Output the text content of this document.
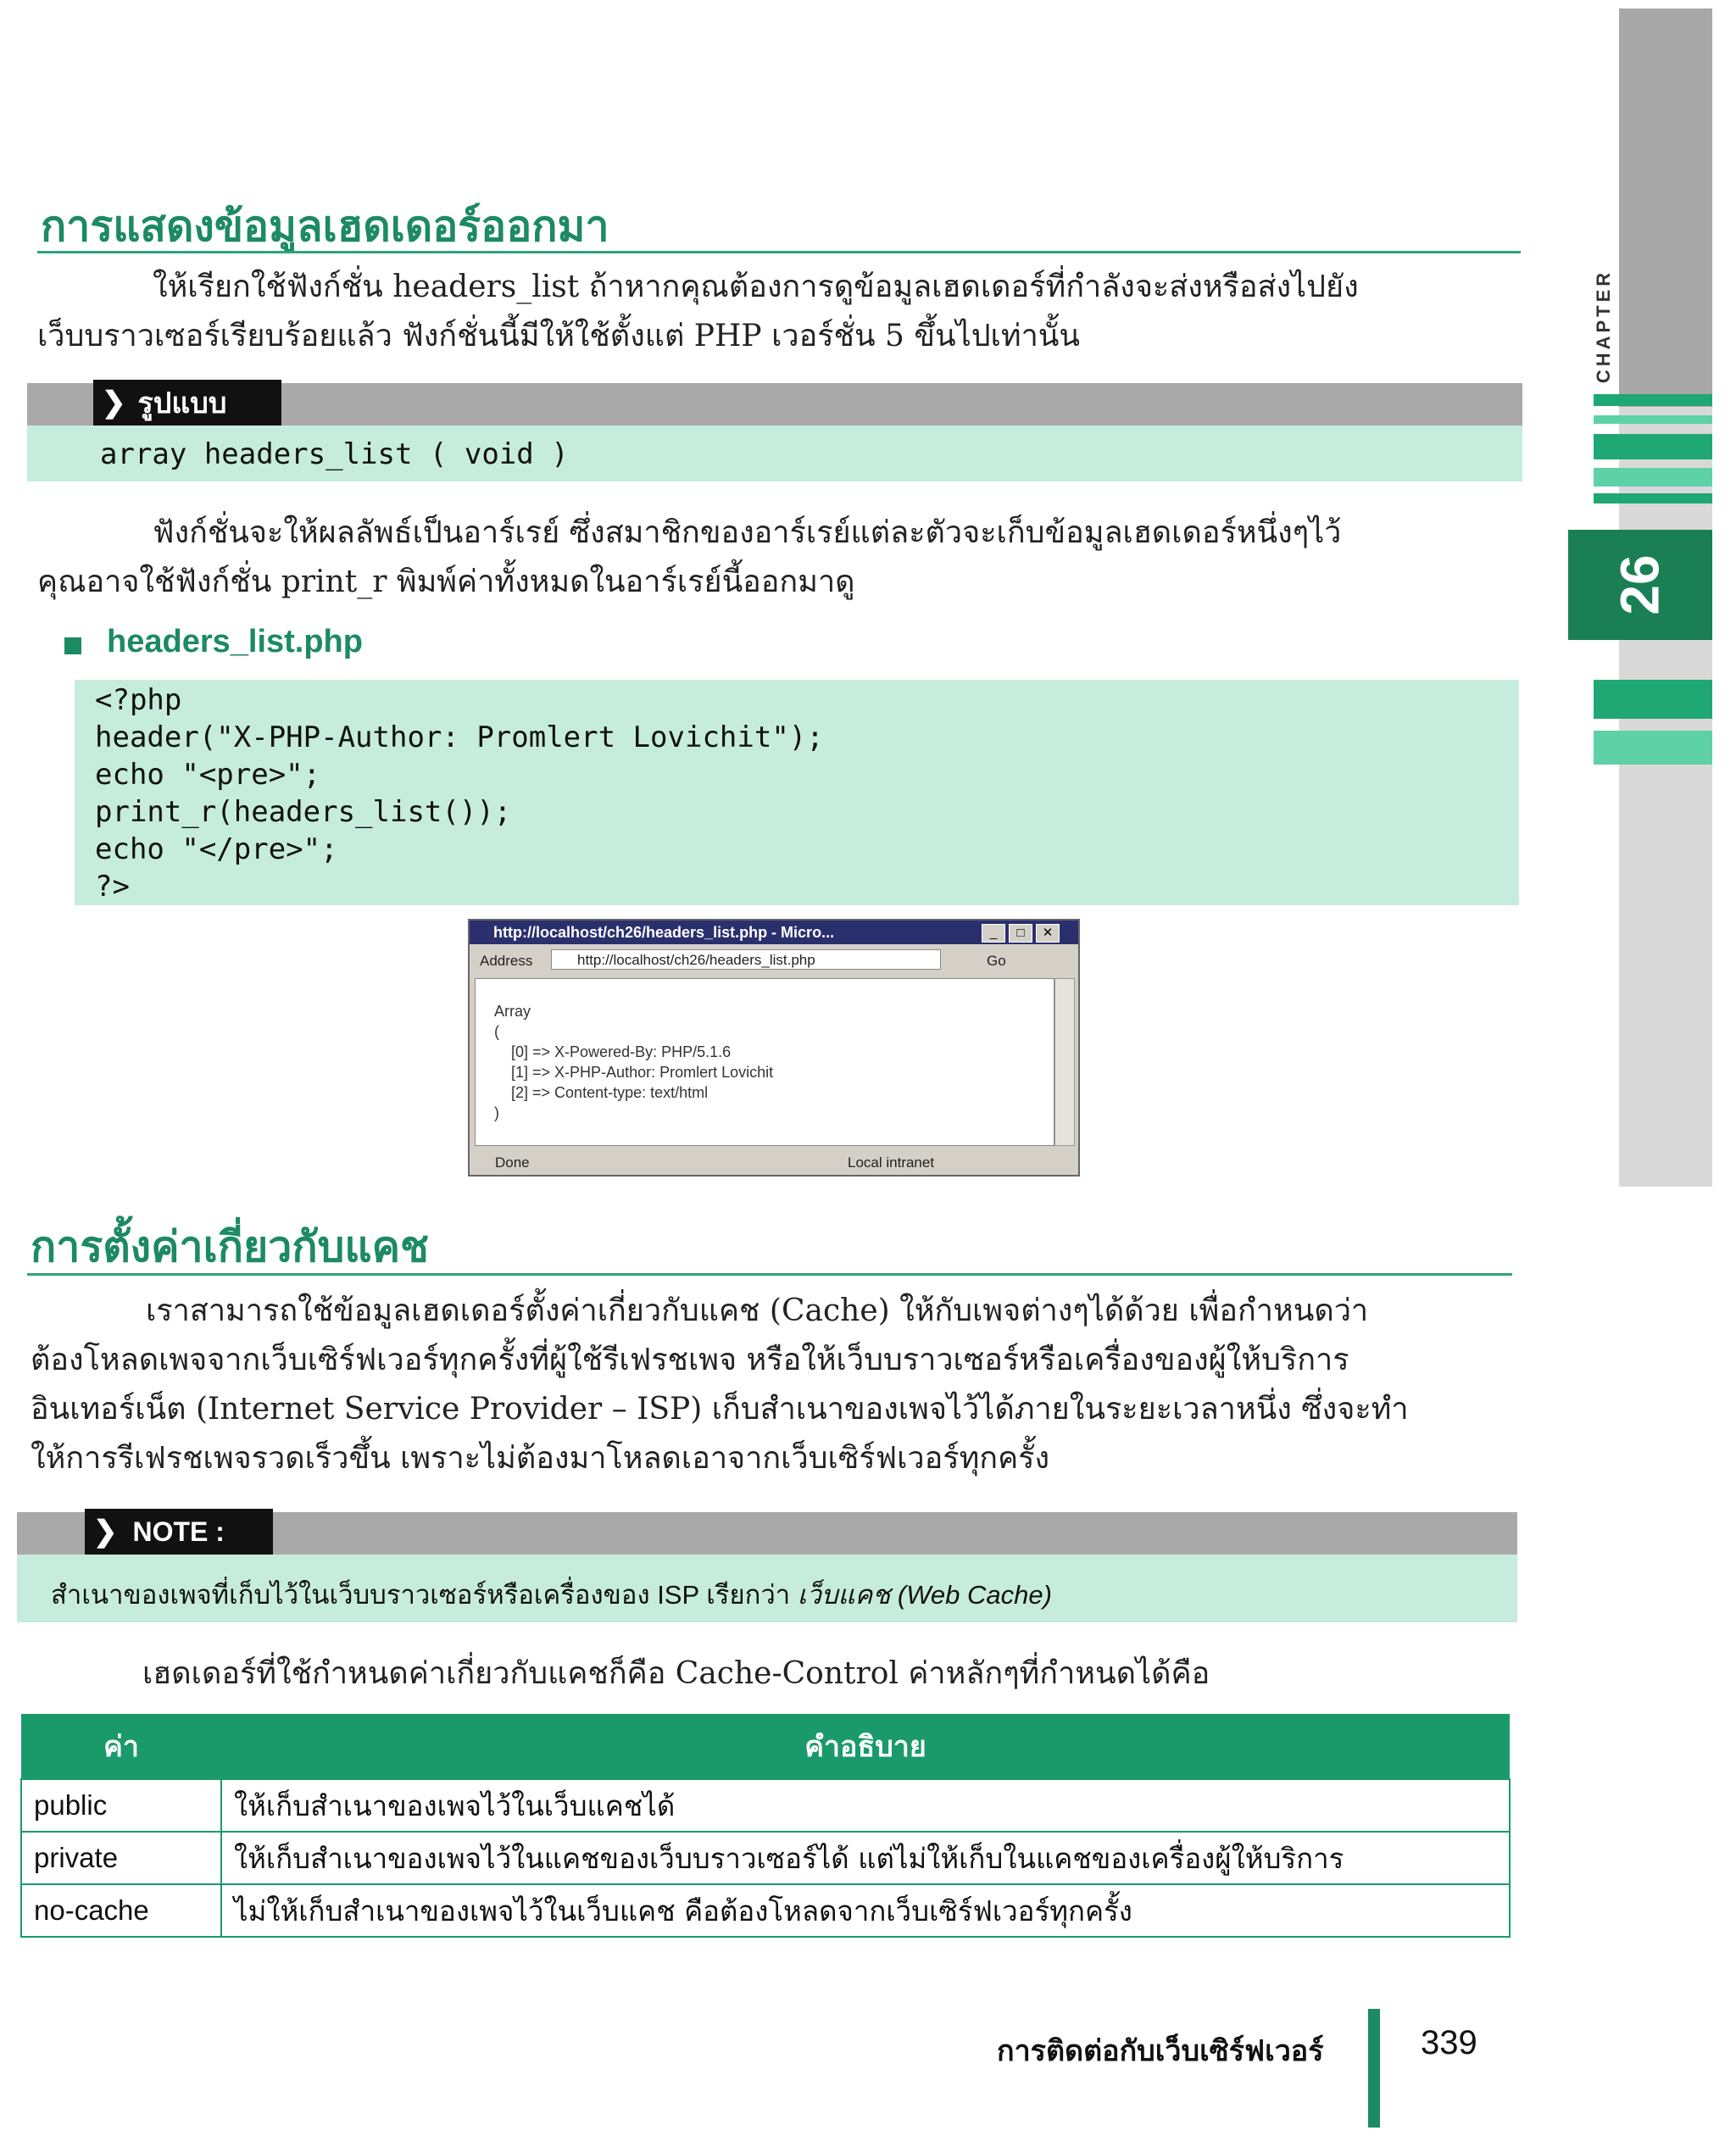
CHAPTER
26
การแสดงข้อมูลเฮดเดอร์ออกมา

ให้เรียกใช้ฟังก์ชั่น headers_list ถ้าหากคุณต้องการดูข้อมูลเฮดเดอร์ที่กำลังจะส่งหรือส่งไปยัง

เว็บบราวเซอร์เรียบร้อยแล้ว ฟังก์ชั่นนี้มีให้ใช้ตั้งแต่ PHP เวอร์ชั่น 5 ขึ้นไปเท่านั้น

❯ รูปแบบ
array headers_list ( void )

ฟังก์ชั่นจะให้ผลลัพธ์เป็นอาร์เรย์ ซึ่งสมาชิกของอาร์เรย์แต่ละตัวจะเก็บข้อมูลเฮดเดอร์หนึ่งๆไว้

คุณอาจใช้ฟังก์ชั่น print_r พิมพ์ค่าทั้งหมดในอาร์เรย์นี้ออกมาดู

headers_list.php
<?php
header("X-PHP-Author: Promlert Lovichit");
echo "<pre>";
print_r(headers_list());
echo "</pre>";
?>
http://localhost/ch26/headers_list.php - Micro...	_	□	✕
Address	http://localhost/ch26/headers_list.php	Go
Array
(
[0] => X-Powered-By: PHP/5.1.6
[1] => X-PHP-Author: Promlert Lovichit
[2] => Content-type: text/html
)
Done	Local intranet
การตั้งค่าเกี่ยวกับแคช

เราสามารถใช้ข้อมูลเฮดเดอร์ตั้งค่าเกี่ยวกับแคช (Cache) ให้กับเพจต่างๆได้ด้วย เพื่อกำหนดว่า

ต้องโหลดเพจจากเว็บเซิร์ฟเวอร์ทุกครั้งที่ผู้ใช้รีเฟรชเพจ หรือให้เว็บบราวเซอร์หรือเครื่องของผู้ให้บริการ

อินเทอร์เน็ต (Internet Service Provider – ISP) เก็บสำเนาของเพจไว้ได้ภายในระยะเวลาหนึ่ง ซึ่งจะทำ

ให้การรีเฟรชเพจรวดเร็วขึ้น เพราะไม่ต้องมาโหลดเอาจากเว็บเซิร์ฟเวอร์ทุกครั้ง

❯ NOTE :
สำเนาของเพจที่เก็บไว้ในเว็บบราวเซอร์หรือเครื่องของ ISP เรียกว่า เว็บแคช (Web Cache)

เฮดเดอร์ที่ใช้กำหนดค่าเกี่ยวกับแคชก็คือ Cache-Control ค่าหลักๆที่กำหนดได้คือ

ค่า	คำอธิบาย
public	ให้เก็บสำเนาของเพจไว้ในเว็บแคชได้
private	ให้เก็บสำเนาของเพจไว้ในแคชของเว็บบราวเซอร์ได้ แต่ไม่ให้เก็บในแคชของเครื่องผู้ให้บริการ
no-cache	ไม่ให้เก็บสำเนาของเพจไว้ในเว็บแคช คือต้องโหลดจากเว็บเซิร์ฟเวอร์ทุกครั้ง
การติดต่อกับเว็บเซิร์ฟเวอร์	339
